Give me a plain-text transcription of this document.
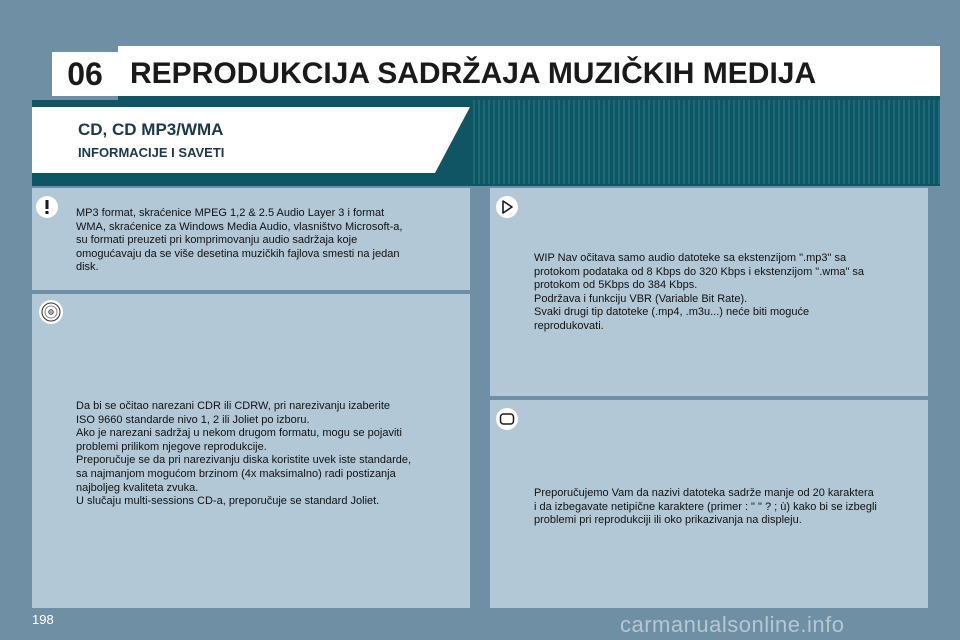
06 REPRODUKCIJA SADRŽAJA MUZIČKIH MEDIJA
CD, CD MP3/WMA
INFORMACIJE I SAVETI
MP3 format, skraćenice MPEG 1,2 & 2.5 Audio Layer 3 i format
WMA, skraćenice za Windows Media Audio, vlasništvo Microsoft-a,
su formati preuzeti pri komprimovanju audio sadržaja koje
omogućavaju da se više desetina muzičkih fajlova smesti na jedan
disk.
Da bi se očitao narezani CDR ili CDRW, pri narezivanju izaberite
ISO 9660 standarde nivo 1, 2 ili Joliet po izboru.
Ako je narezani sadržaj u nekom drugom formatu, mogu se pojaviti
problemi prilikom njegove reprodukcije.
Preporučuje se da pri narezivanju diska koristite uvek iste standarde,
sa najmanjom mogućom brzinom (4x maksimalno) radi postizanja
najboljeg kvaliteta zvuka.
U slučaju multi-sessions CD-a, preporučuje se standard Joliet.
WIP Nav očitava samo audio datoteke sa ekstenzijom ".mp3" sa
protokom podataka od 8 Kbps do 320 Kbps i ekstenzijom ".wma" sa
protokom od 5Kbps do 384 Kbps.
Podržava i funkciju VBR (Variable Bit Rate).
Svaki drugi tip datoteke (.mp4, .m3u...) neće biti moguće
reprodukovati.
Preporučujemo Vam da nazivi datoteka sadrže manje od 20 karaktera
i da izbegavate netipične karaktere (primer : " " ? ; ù) kako bi se izbegli
problemi pri reprodukciji ili oko prikazivanja na displeju.
198	carmanualsonline.info
